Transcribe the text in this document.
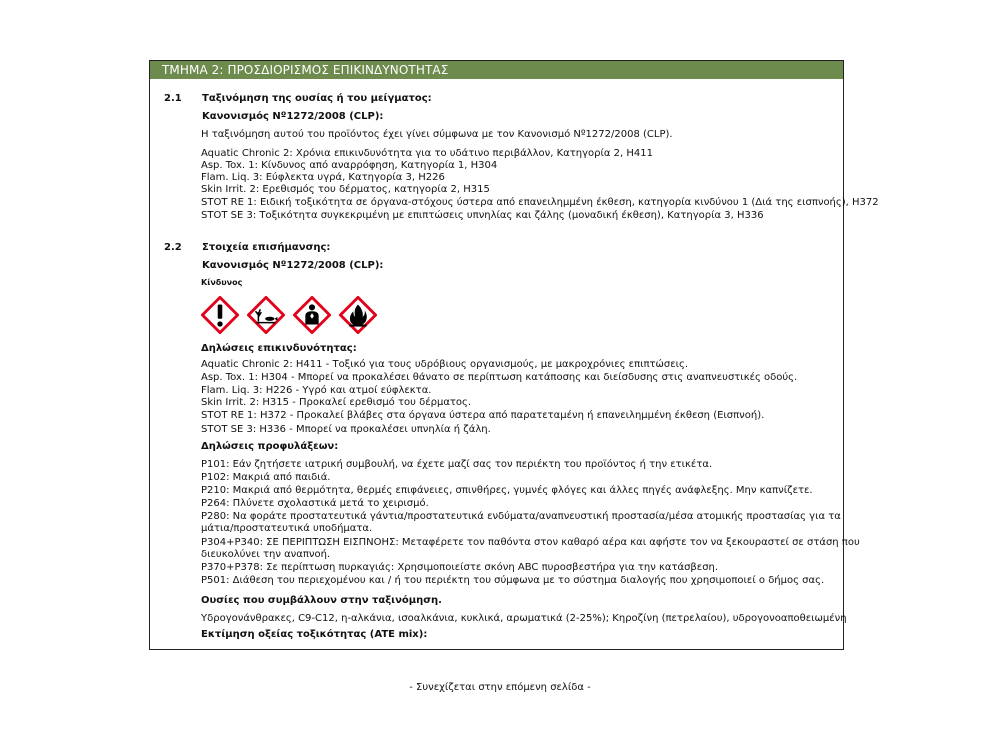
ΤΜΗΜΑ 2: ΠΡΟΣΔΙΟΡΙΣΜΟΣ ΕΠΙΚΙΝΔΥΝΟΤΗΤΑΣ
2.1 Ταξινόμηση της ουσίας ή του μείγματος:
Κανονισμός Νº1272/2008 (CLP):
Η ταξινόμηση αυτού του προϊόντος έχει γίνει σύμφωνα με τον Κανονισμό Νº1272/2008 (CLP).
Aquatic Chronic 2: Χρόνια επικινδυνότητα για το υδάτινο περιβάλλον, Κατηγορία 2, H411
Asp. Tox. 1: Κίνδυνος από αναρρόφηση, Κατηγορία 1, H304
Flam. Liq. 3: Εύφλεκτα υγρά, Κατηγορία 3, H226
Skin Irrit. 2: Ερεθισμός του δέρματος, κατηγορία 2, H315
STOT RE 1: Ειδική τοξικότητα σε όργανα-στόχους ύστερα από επανειλημμένη έκθεση, κατηγορία κινδύνου 1 (Διά της εισπνοής), H372
STOT SE 3: Τοξικότητα συγκεκριμένη με επιπτώσεις υπνηλίας και ζάλης (μοναδική έκθεση), Κατηγορία 3, H336
2.2 Στοιχεία επισήμανσης:
Κανονισμός Νº1272/2008 (CLP):
Κίνδυνος
Δηλώσεις επικινδυνότητας:
Aquatic Chronic 2: H411 - Τοξικό για τους υδρόβιους οργανισμούς, με μακροχρόνιες επιπτώσεις.
Asp. Tox. 1: H304 - Μπορεί να προκαλέσει θάνατο σε περίπτωση κατάποσης και διείσδυσης στις αναπνευστικές οδούς.
Flam. Liq. 3: H226 - Υγρό και ατμοί εύφλεκτα.
Skin Irrit. 2: H315 - Προκαλεί ερεθισμό του δέρματος.
STOT RE 1: H372 - Προκαλεί βλάβες στα όργανα ύστερα από παρατεταμένη ή επανειλημμένη έκθεση (Εισπνοή).
STOT SE 3: H336 - Μπορεί να προκαλέσει υπνηλία ή ζάλη.
Δηλώσεις προφυλάξεων:
P101: Εάν ζητήσετε ιατρική συμβουλή, να έχετε μαζί σας τον περιέκτη του προϊόντος ή την ετικέτα.
P102: Μακριά από παιδιά.
P210: Μακριά από θερμότητα, θερμές επιφάνειες, σπινθήρες, γυμνές φλόγες και άλλες πηγές ανάφλεξης. Μην καπνίζετε.
P264: Πλύνετε σχολαστικά μετά το χειρισμό.
P280: Να φοράτε προστατευτικά γάντια/προστατευτικά ενδύματα/αναπνευστική προστασία/μέσα ατομικής προστασίας για τα
μάτια/προστατευτικά υποδήματα.
P304+P340: ΣΕ ΠΕΡΙΠΤΩΣΗ ΕΙΣΠΝΟΗΣ: Μεταφέρετε τον παθόντα στον καθαρό αέρα και αφήστε τον να ξεκουραστεί σε στάση που
διευκολύνει την αναπνοή.
P370+P378: Σε περίπτωση πυρκαγιάς: Χρησιμοποιείστε σκόνη ABC πυροσβεστήρα για την κατάσβεση.
P501: Διάθεση του περιεχομένου και / ή του περιέκτη του σύμφωνα με το σύστημα διαλογής που χρησιμοποιεί ο δήμος σας.
Ουσίες που συμβάλλουν στην ταξινόμηση.
Υδρογονάνθρακες, C9-C12, η-αλκάνια, ισοαλκάνια, κυκλικά, αρωματικά (2-25%); Κηροζίνη (πετρελαίου), υδρογονοαποθειωμένη
Εκτίμηση οξείας τοξικότητας (ATE mix):
- Συνεχίζεται στην επόμενη σελίδα -
